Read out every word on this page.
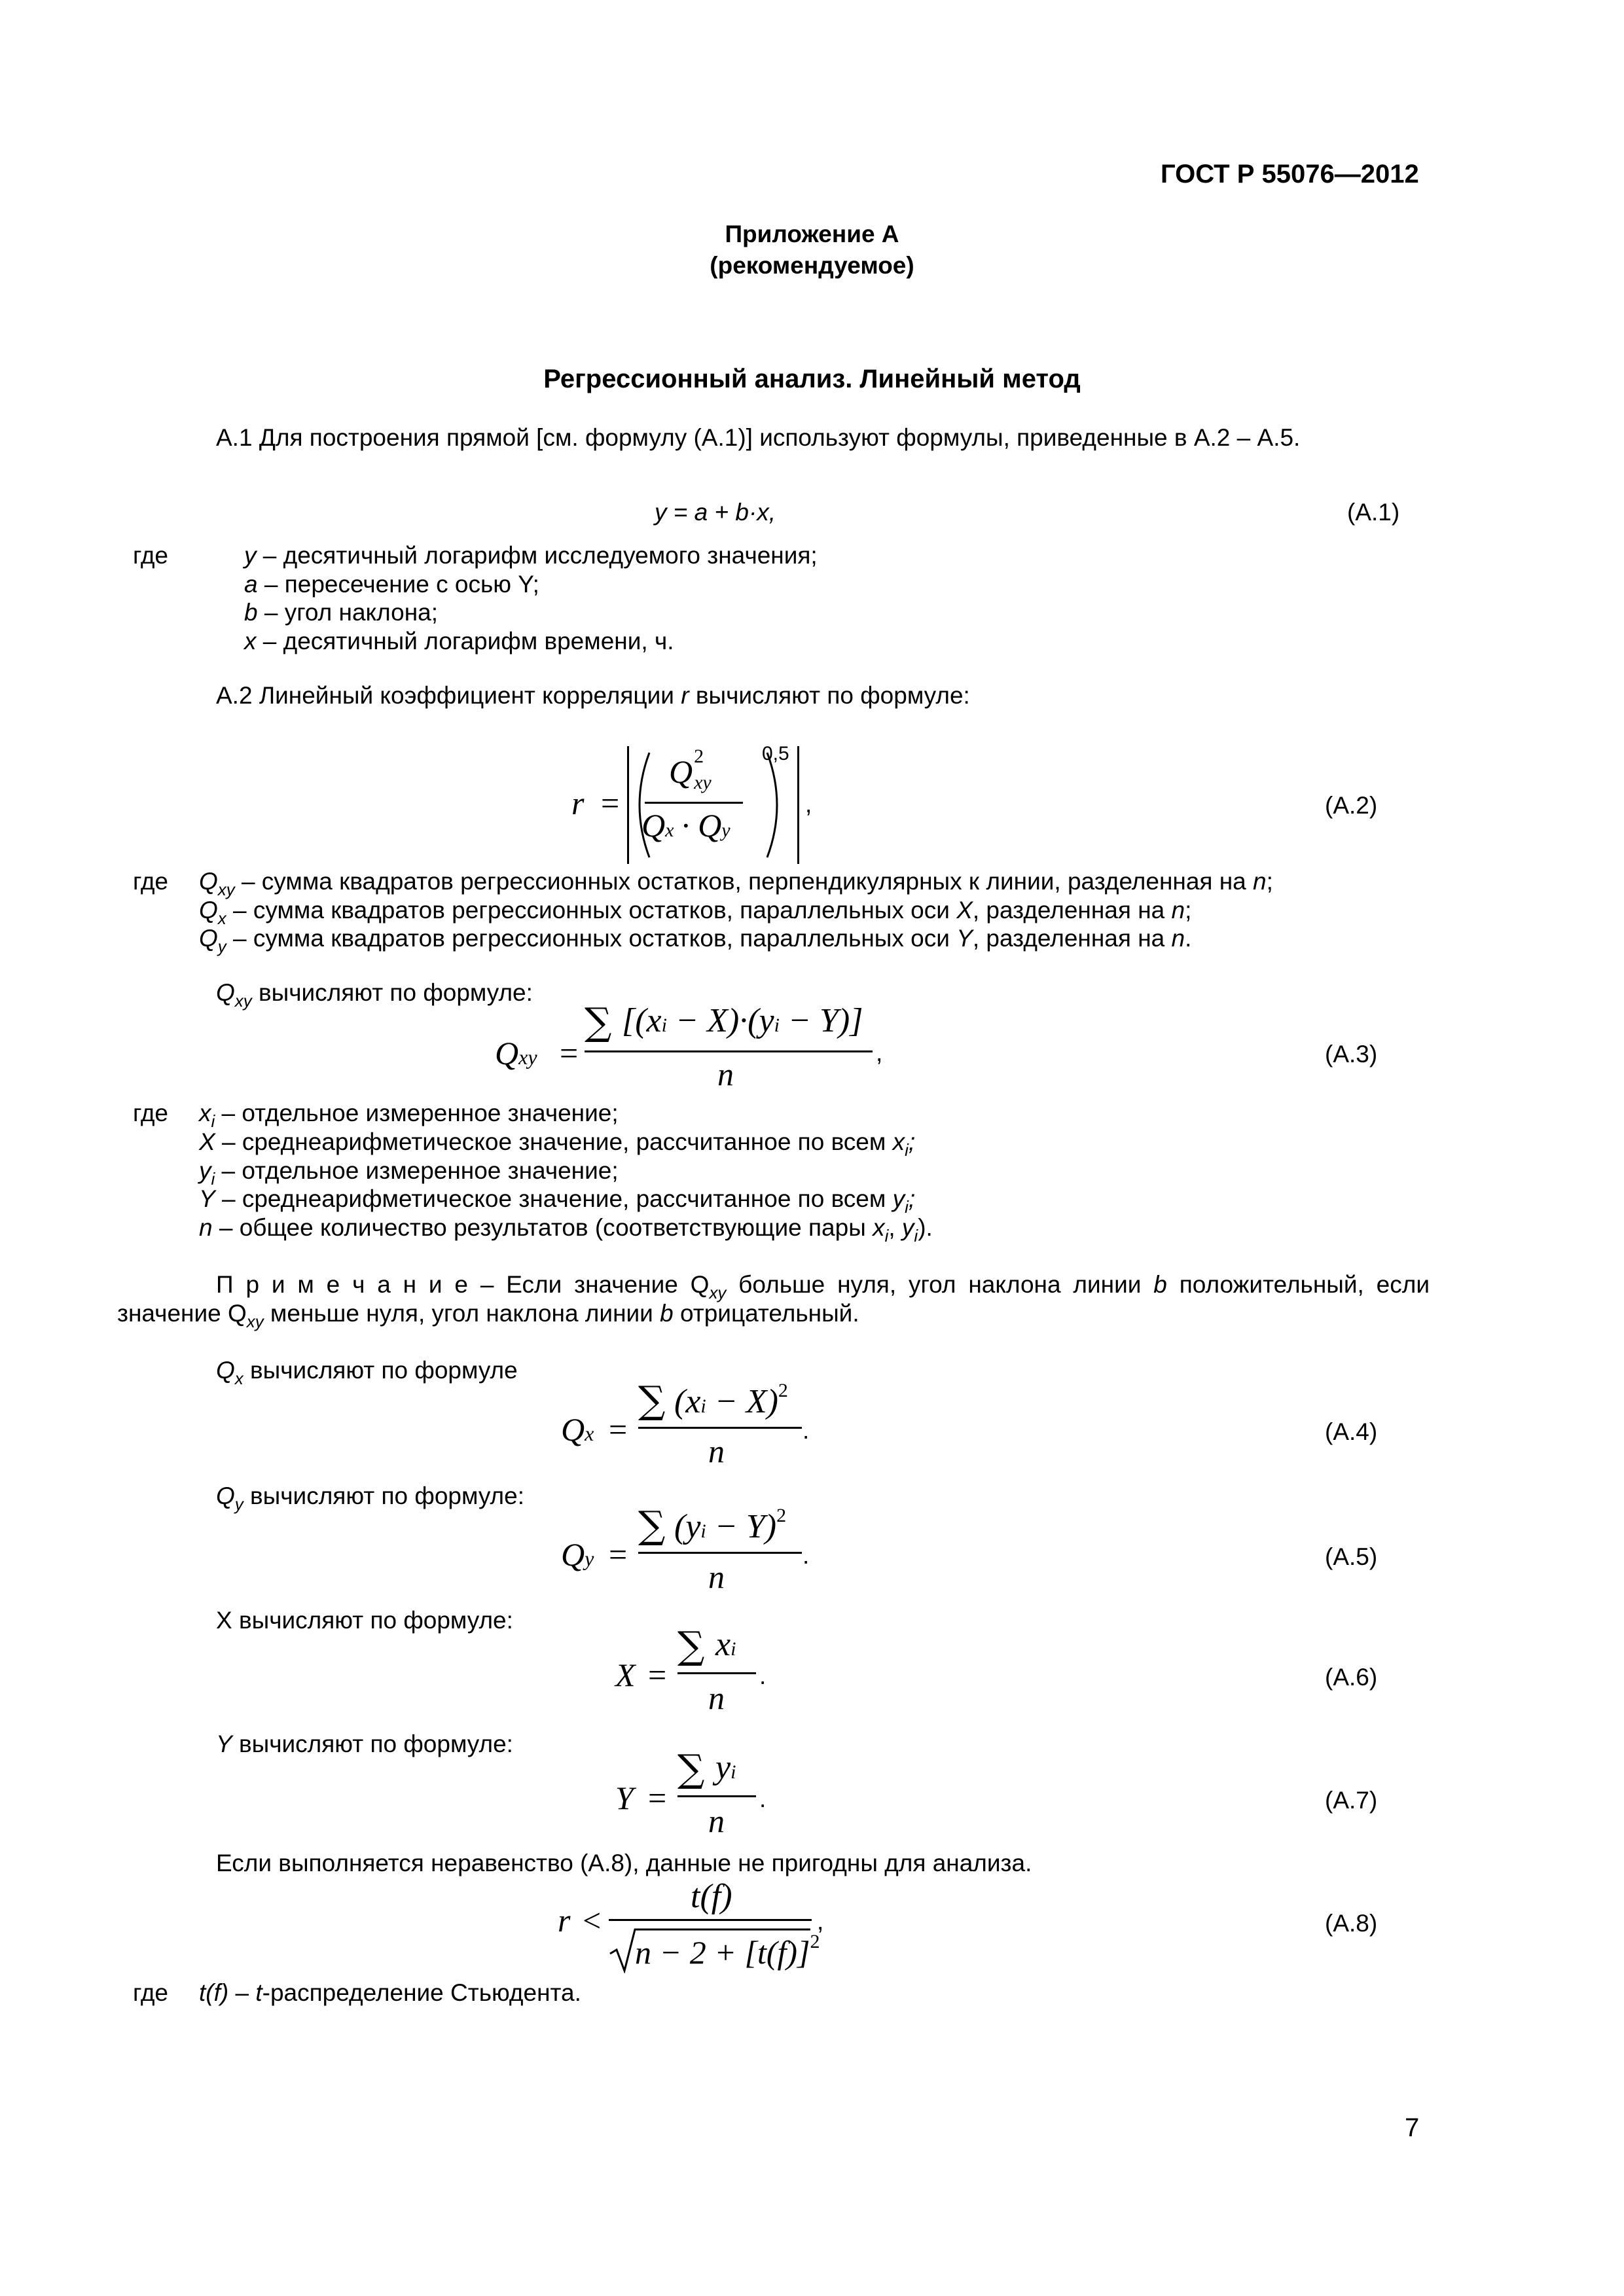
ГОСТ Р 55076—2012
Приложение А
(рекомендуемое)
Регрессионный анализ. Линейный метод
А.1 Для построения прямой [см. формулу (А.1)] используют формулы, приведенные в А.2 – А.5.
y = a + b·x,	(А.1)
где	y – десятичный логарифм исследуемого значения;
a – пересечение с осью Y;
b – угол наклона;
x – десятичный логарифм времени, ч.
А.2 Линейный коэффициент корреляции r вычисляют по формуле:
r =
Q 2
xy
Qx · Qy
0,5
,	(А.2)
где $Q_{xy}$ – сумма квадратов регрессионных остатков, перпендикулярных к линии, разделенная на n;
$Q_x$ – сумма квадратов регрессионных остатков, параллельных оси X, разделенная на n;
$Q_y$ – сумма квадратов регрессионных остатков, параллельных оси Y, разделенная на n.
$Q_{xy}$ вычисляют по формуле:
Qxy =
∑ [(xi − X)·(yi − Y)]
n
,	(А.3)
где $x_i$ – отдельное измеренное значение;
X – среднеарифметическое значение, рассчитанное по всем $x_i$;
$y_i$ – отдельное измеренное значение;
Y – среднеарифметическое значение, рассчитанное по всем $y_i$;
n – общее количество результатов (соответствующие пары $x_i$, $y_i$).
П р и м е ч а н и е – Если значение $Q_{xy}$ больше нуля, угол наклона линии b положительный, если
значение $Q_{xy}$ меньше нуля, угол наклона линии b отрицательный.
$Q_x$ вычисляют по формуле
Qx =
∑ (xi − X)$^2$
n
.	(А.4)
$Q_y$ вычисляют по формуле:
Qy =
∑ (yi − Y)$^2$
n
.	(А.5)
X вычисляют по формуле:
X =
∑ xi
n
.	(А.6)
Y вычисляют по формуле:
Y =
∑ yi
n
.	(А.7)
Если выполняется неравенство (А.8), данные не пригодны для анализа.
r <
t(f)
$n - 2 + [t(f)]^2$
,	(А.8)
где t(f) – t-распределение Стьюдента.
7
